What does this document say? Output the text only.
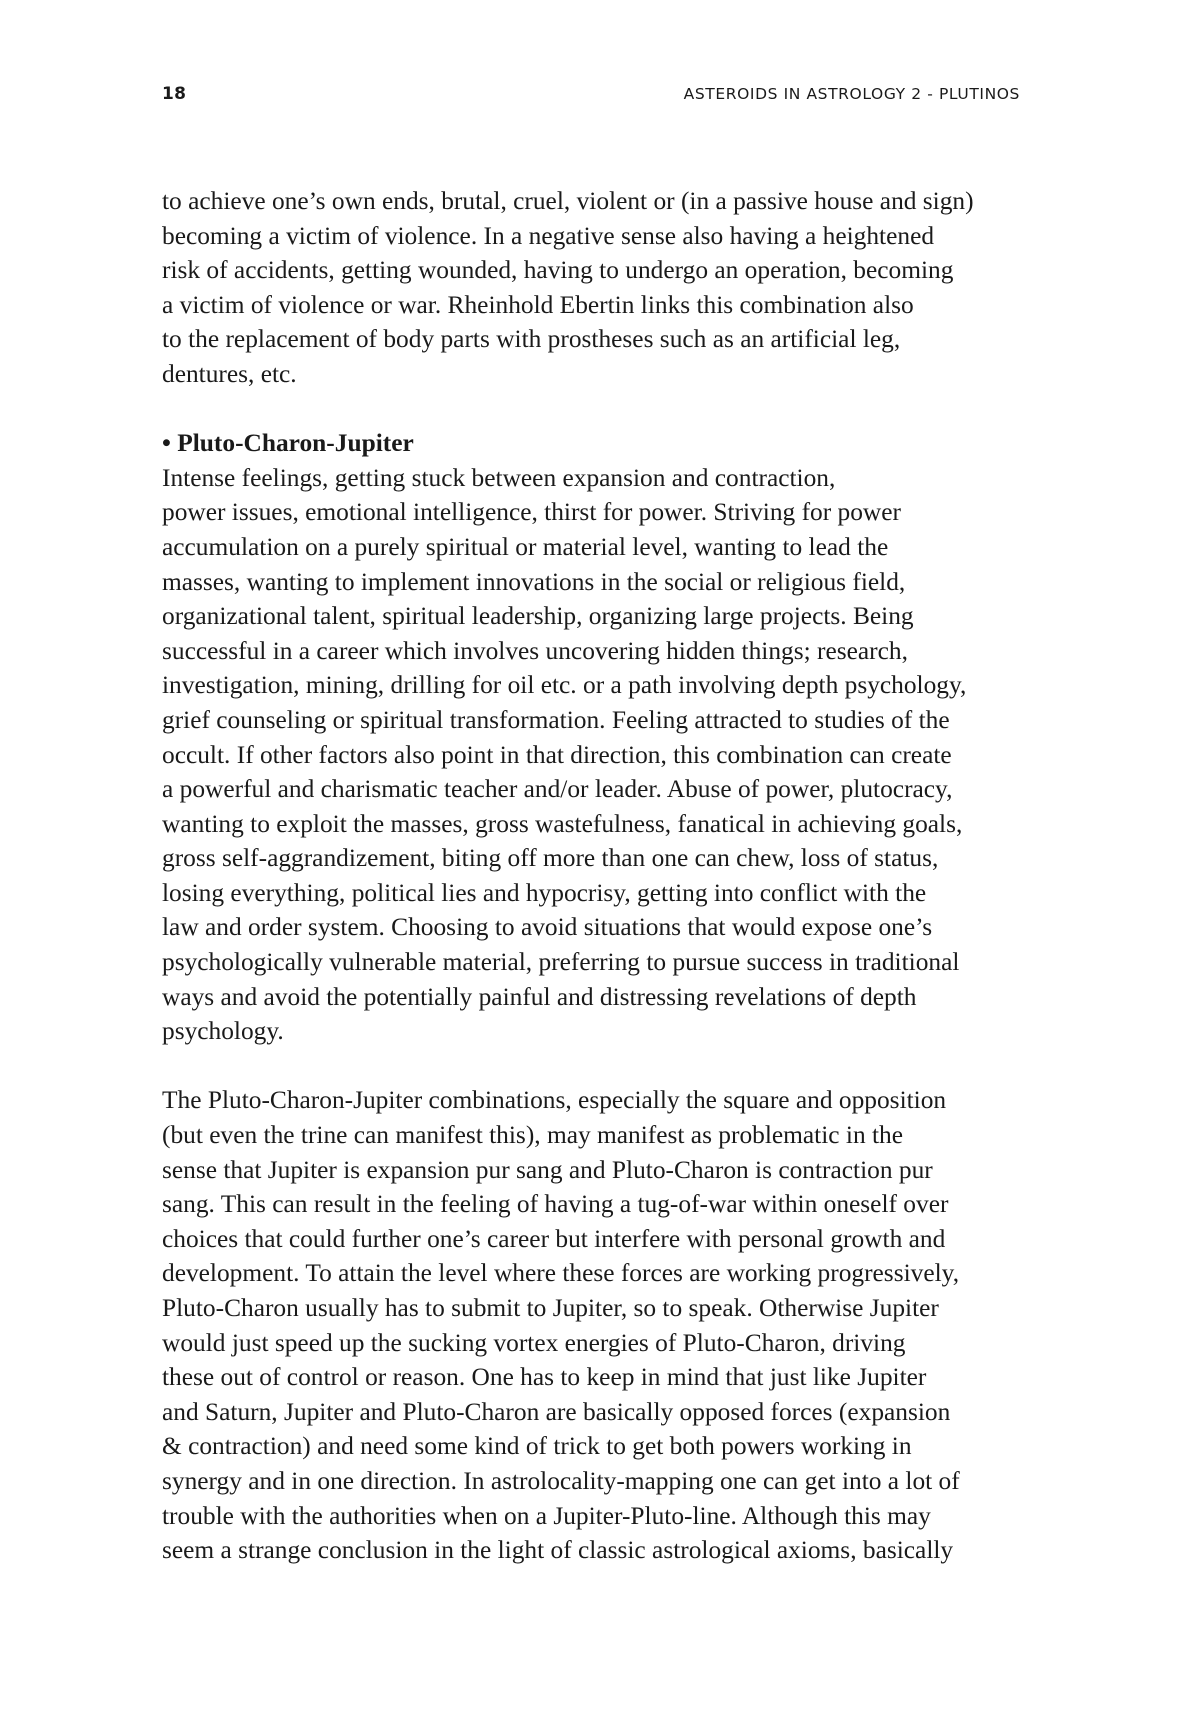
18	ASTEROIDS IN ASTROLOGY 2 - PLUTINOS
to achieve one’s own ends, brutal, cruel, violent or (in a passive house and sign)
becoming a victim of violence. In a negative sense also having a heightened
risk of accidents, getting wounded, having to undergo an operation, becoming
a victim of violence or war. Rheinhold Ebertin links this combination also
to the replacement of body parts with prostheses such as an artificial leg,
dentures, etc.
• Pluto-Charon-Jupiter
Intense feelings, getting stuck between expansion and contraction,
power issues, emotional intelligence, thirst for power. Striving for power
accumulation on a purely spiritual or material level, wanting to lead the
masses, wanting to implement innovations in the social or religious field,
organizational talent, spiritual leadership, organizing large projects. Being
successful in a career which involves uncovering hidden things; research,
investigation, mining, drilling for oil etc. or a path involving depth psychology,
grief counseling or spiritual transformation. Feeling attracted to studies of the
occult. If other factors also point in that direction, this combination can create
a powerful and charismatic teacher and/or leader. Abuse of power, plutocracy,
wanting to exploit the masses, gross wastefulness, fanatical in achieving goals,
gross self-aggrandizement, biting off more than one can chew, loss of status,
losing everything, political lies and hypocrisy, getting into conflict with the
law and order system. Choosing to avoid situations that would expose one’s
psychologically vulnerable material, preferring to pursue success in traditional
ways and avoid the potentially painful and distressing revelations of depth
psychology.
The Pluto-Charon-Jupiter combinations, especially the square and opposition
(but even the trine can manifest this), may manifest as problematic in the
sense that Jupiter is expansion pur sang and Pluto-Charon is contraction pur
sang. This can result in the feeling of having a tug-of-war within oneself over
choices that could further one’s career but interfere with personal growth and
development. To attain the level where these forces are working progressively,
Pluto-Charon usually has to submit to Jupiter, so to speak. Otherwise Jupiter
would just speed up the sucking vortex energies of Pluto-Charon, driving
these out of control or reason. One has to keep in mind that just like Jupiter
and Saturn, Jupiter and Pluto-Charon are basically opposed forces (expansion
& contraction) and need some kind of trick to get both powers working in
synergy and in one direction. In astrolocality-mapping one can get into a lot of
trouble with the authorities when on a Jupiter-Pluto-line. Although this may
seem a strange conclusion in the light of classic astrological axioms, basically
